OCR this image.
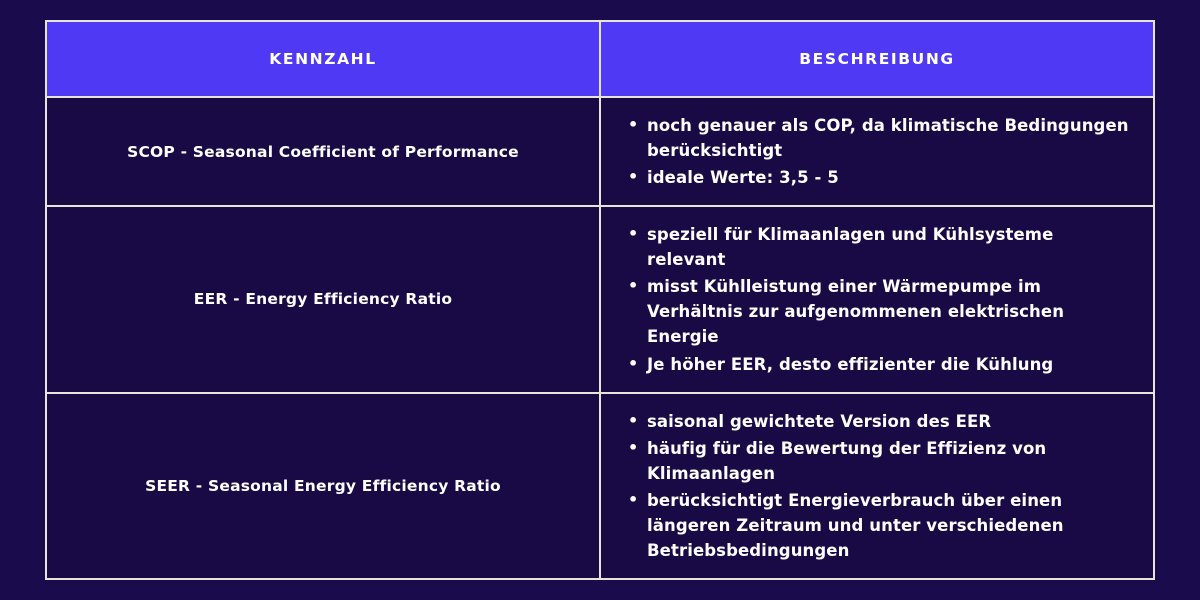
KENNZAHL	BESCHREIBUNG
SCOP - Seasonal Coefficient of Performance	
• noch genauer als COP, da klimatische Bedingungen berücksichtigt
• ideale Werte: 3,5 - 5

EER - Energy Efficiency Ratio	
• speziell für Klimaanlagen und Kühlsysteme relevant
• misst Kühlleistung einer Wärmepumpe im Verhältnis zur aufgenommenen elektrischen Energie
• Je höher EER, desto effizienter die Kühlung

SEER - Seasonal Energy Efficiency Ratio	
• saisonal gewichtete Version des EER
• häufig für die Bewertung der Effizienz von Klimaanlagen
• berücksichtigt Energieverbrauch über einen längeren Zeitraum und unter verschiedenen Betriebsbedingungen
